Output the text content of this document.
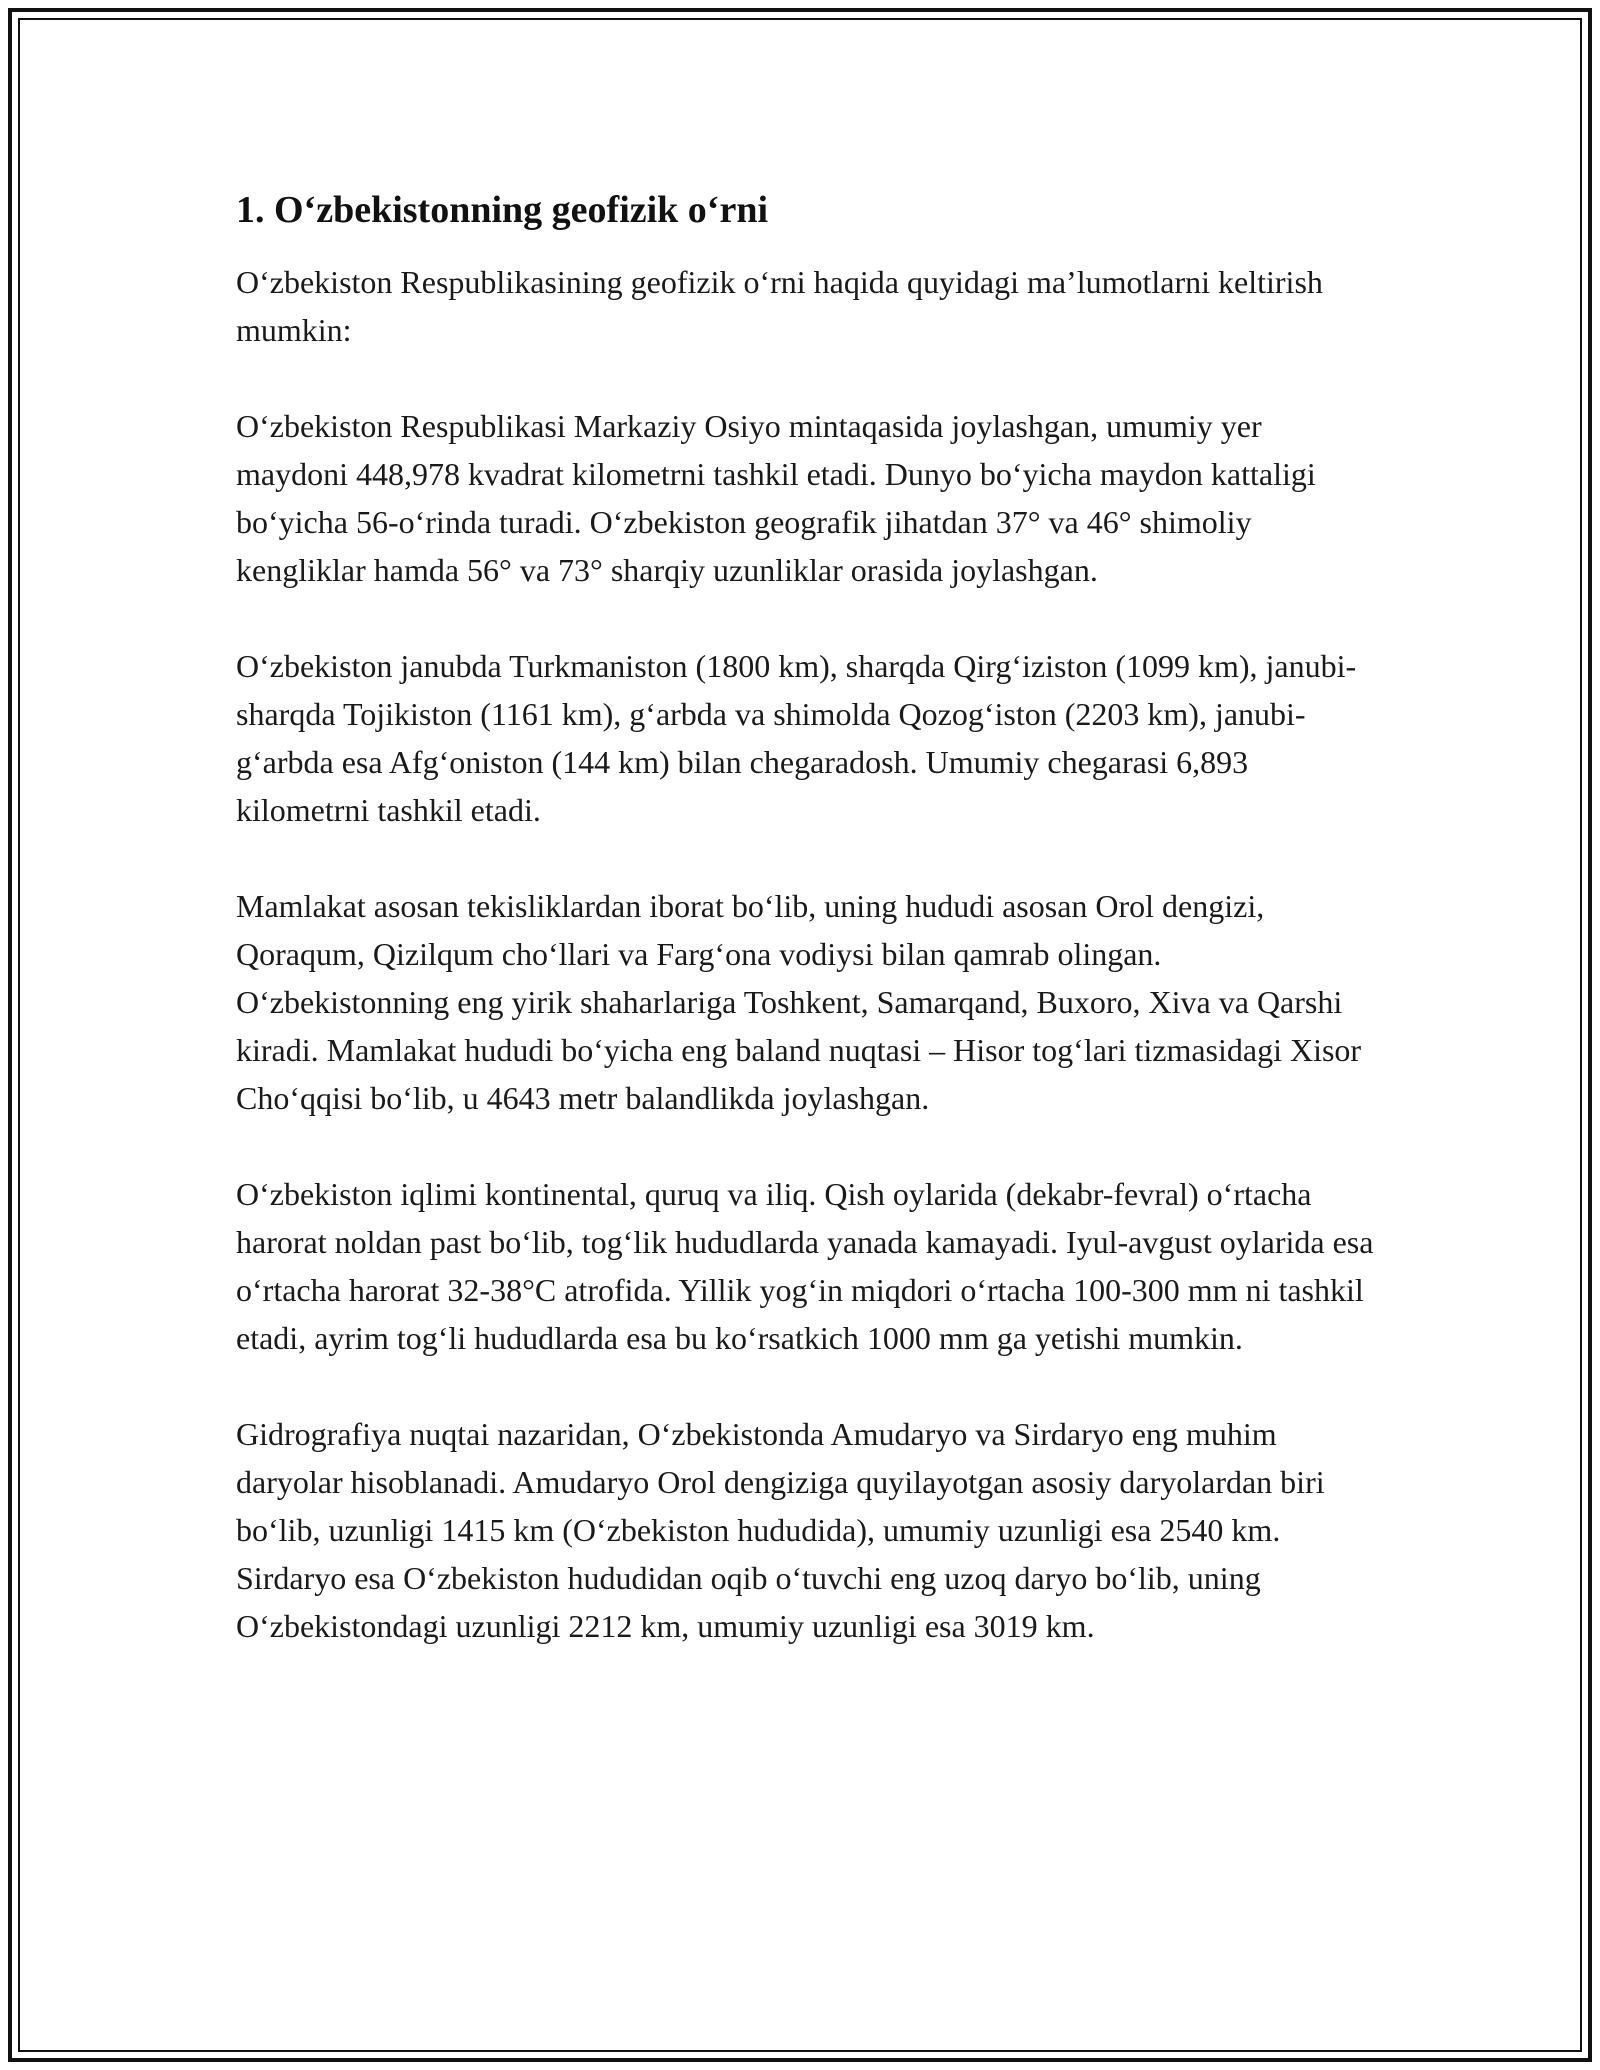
1. O‘zbekistonning geofizik o‘rni

O‘zbekiston Respublikasining geofizik o‘rni haqida quyidagi ma’lumotlarni keltirish mumkin:

O‘zbekiston Respublikasi Markaziy Osiyo mintaqasida joylashgan, umumiy yer maydoni 448,978 kvadrat kilometrni tashkil etadi. Dunyo bo‘yicha maydon kattaligi bo‘yicha 56-o‘rinda turadi. O‘zbekiston geografik jihatdan 37° va 46° shimoliy kengliklar hamda 56° va 73° sharqiy uzunliklar orasida joylashgan.

O‘zbekiston janubda Turkmaniston (1800 km), sharqda Qirg‘iziston (1099 km), janubi-sharqda Tojikiston (1161 km), g‘arbda va shimolda Qozog‘iston (2203 km), janubi-g‘arbda esa Afg‘oniston (144 km) bilan chegaradosh. Umumiy chegarasi 6,893 kilometrni tashkil etadi.

Mamlakat asosan tekisliklardan iborat bo‘lib, uning hududi asosan Orol dengizi, Qoraqum, Qizilqum cho‘llari va Farg‘ona vodiysi bilan qamrab olingan. O‘zbekistonning eng yirik shaharlariga Toshkent, Samarqand, Buxoro, Xiva va Qarshi kiradi. Mamlakat hududi bo‘yicha eng baland nuqtasi – Hisor tog‘lari tizmasidagi Xisor Cho‘qqisi bo‘lib, u 4643 metr balandlikda joylashgan.

O‘zbekiston iqlimi kontinental, quruq va iliq. Qish oylarida (dekabr-fevral) o‘rtacha harorat noldan past bo‘lib, tog‘lik hududlarda yanada kamayadi. Iyul-avgust oylarida esa o‘rtacha harorat 32-38°C atrofida. Yillik yog‘in miqdori o‘rtacha 100-300 mm ni tashkil etadi, ayrim tog‘li hududlarda esa bu ko‘rsatkich 1000 mm ga yetishi mumkin.

Gidrografiya nuqtai nazaridan, O‘zbekistonda Amudaryo va Sirdaryo eng muhim daryolar hisoblanadi. Amudaryo Orol dengiziga quyilayotgan asosiy daryolardan biri bo‘lib, uzunligi 1415 km (O‘zbekiston hududida), umumiy uzunligi esa 2540 km. Sirdaryo esa O‘zbekiston hududidan oqib o‘tuvchi eng uzoq daryo bo‘lib, uning O‘zbekistondagi uzunligi 2212 km, umumiy uzunligi esa 3019 km.
